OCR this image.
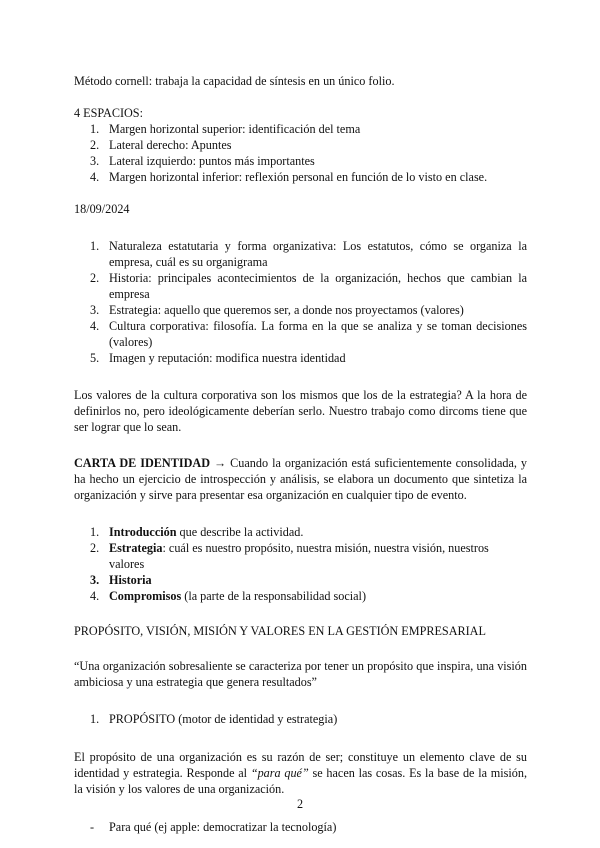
Método cornell: trabaja la capacidad de síntesis en un único folio.

4 ESPACIOS:

1. Margen horizontal superior: identificación del tema
2. Lateral derecho: Apuntes
3. Lateral izquierdo: puntos más importantes
4. Margen horizontal inferior: reflexión personal en función de lo visto en clase.

18/09/2024

1. Naturaleza estatutaria y forma organizativa: Los estatutos, cómo se organiza la empresa, cuál es su organigrama
2. Historia: principales acontecimientos de la organización, hechos que cambian la empresa
3. Estrategia: aquello que queremos ser, a donde nos proyectamos (valores)
4. Cultura corporativa: filosofía. La forma en la que se analiza y se toman decisiones (valores)
5. Imagen y reputación: modifica nuestra identidad

Los valores de la cultura corporativa son los mismos que los de la estrategia? A la hora de definirlos no, pero ideológicamente deberían serlo. Nuestro trabajo como dircoms tiene que ser lograr que lo sean.

CARTA DE IDENTIDAD → Cuando la organización está suficientemente consolidada, y ha hecho un ejercicio de introspección y análisis, se elabora un documento que sintetiza la organización y sirve para presentar esa organización en cualquier tipo de evento.

1. Introducción que describe la actividad.
2. Estrategia: cuál es nuestro propósito, nuestra misión, nuestra visión, nuestros valores
3. Historia
4. Compromisos (la parte de la responsabilidad social)

PROPÓSITO, VISIÓN, MISIÓN Y VALORES EN LA GESTIÓN EMPRESARIAL

“Una organización sobresaliente se caracteriza por tener un propósito que inspira, una visión ambiciosa y una estrategia que genera resultados”

1. PROPÓSITO (motor de identidad y estrategia)

El propósito de una organización es su razón de ser; constituye un elemento clave de su identidad y estrategia. Responde al “para qué” se hacen las cosas. Es la base de la misión, la visión y los valores de una organización.

- Para qué (ej apple: democratizar la tecnología)
2
